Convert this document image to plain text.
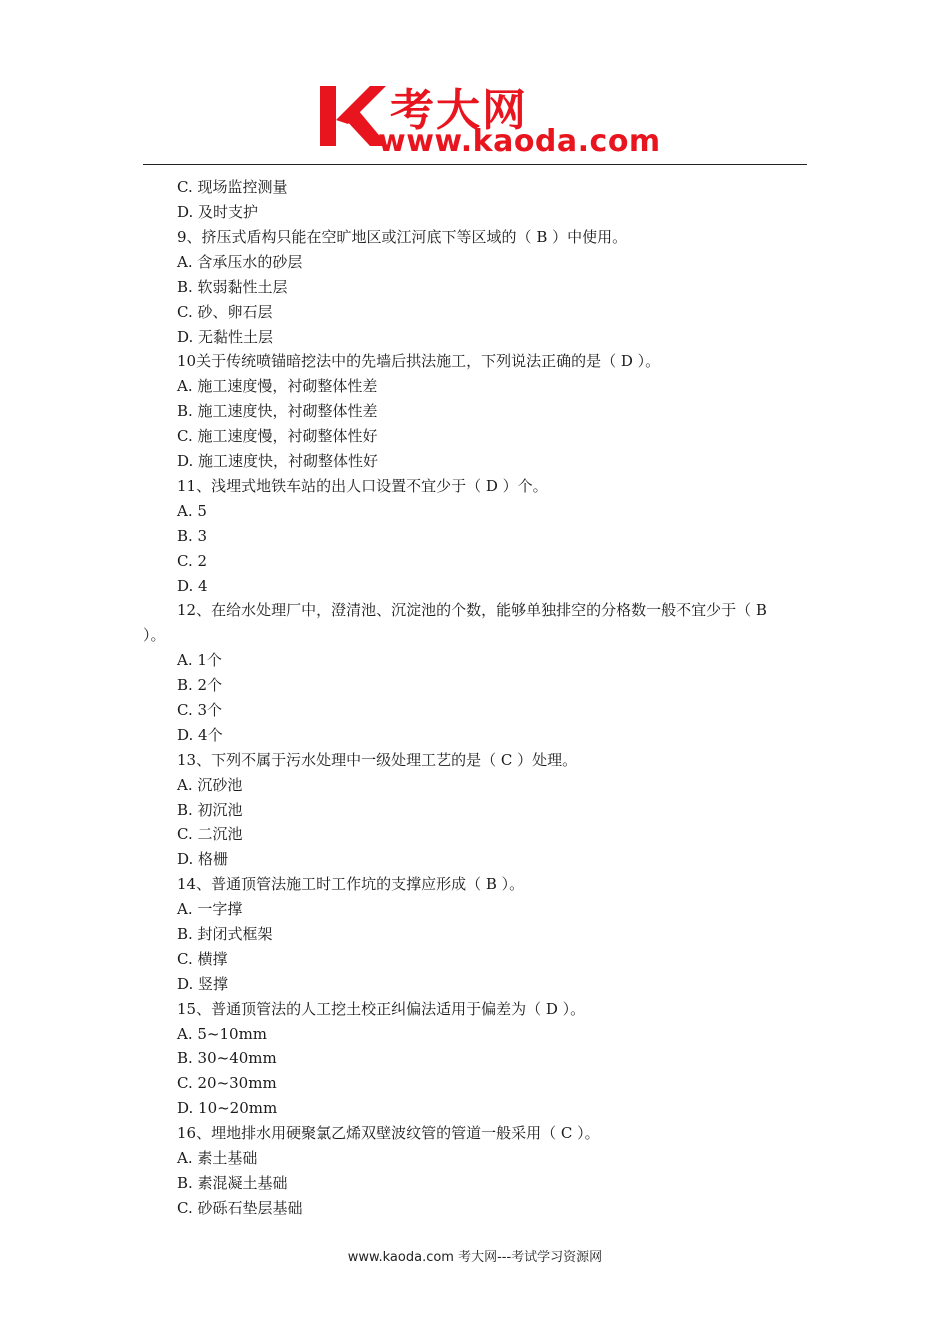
考大网
www.kaoda.com
C. 现场监控测量
D. 及时支护
9、挤压式盾构只能在空旷地区或江河底下等区域的（ B ）中使用。
A. 含承压水的砂层
B. 软弱黏性土层
C. 砂、卵石层
D. 无黏性土层
10关于传统喷锚暗挖法中的先墙后拱法施工，下列说法正确的是（ D ）。
A. 施工速度慢，衬砌整体性差
B. 施工速度快，衬砌整体性差
C. 施工速度慢，衬砌整体性好
D. 施工速度快，衬砌整体性好
11、浅埋式地铁车站的出人口设置不宜少于（ D ）个。
A. 5
B. 3
C. 2
D. 4
12、在给水处理厂中，澄清池、沉淀池的个数，能够单独排空的分格数一般不宜少于（ B
）。
A. 1个
B. 2个
C. 3个
D. 4个
13、下列不属于污水处理中一级处理工艺的是（ C ）处理。
A. 沉砂池
B. 初沉池
C. 二沉池
D. 格栅
14、普通顶管法施工时工作坑的支撑应形成（ B ）。
A. 一字撑
B. 封闭式框架
C. 横撑
D. 竖撑
15、普通顶管法的人工挖土校正纠偏法适用于偏差为（ D ）。
A. 5~10mm
B. 30~40mm
C. 20~30mm
D. 10~20mm
16、埋地排水用硬聚氯乙烯双壁波纹管的管道一般采用（ C ）。
A. 素土基础
B. 素混凝土基础
C. 砂砾石垫层基础
www.kaoda.com 考大网---考试学习资源网
